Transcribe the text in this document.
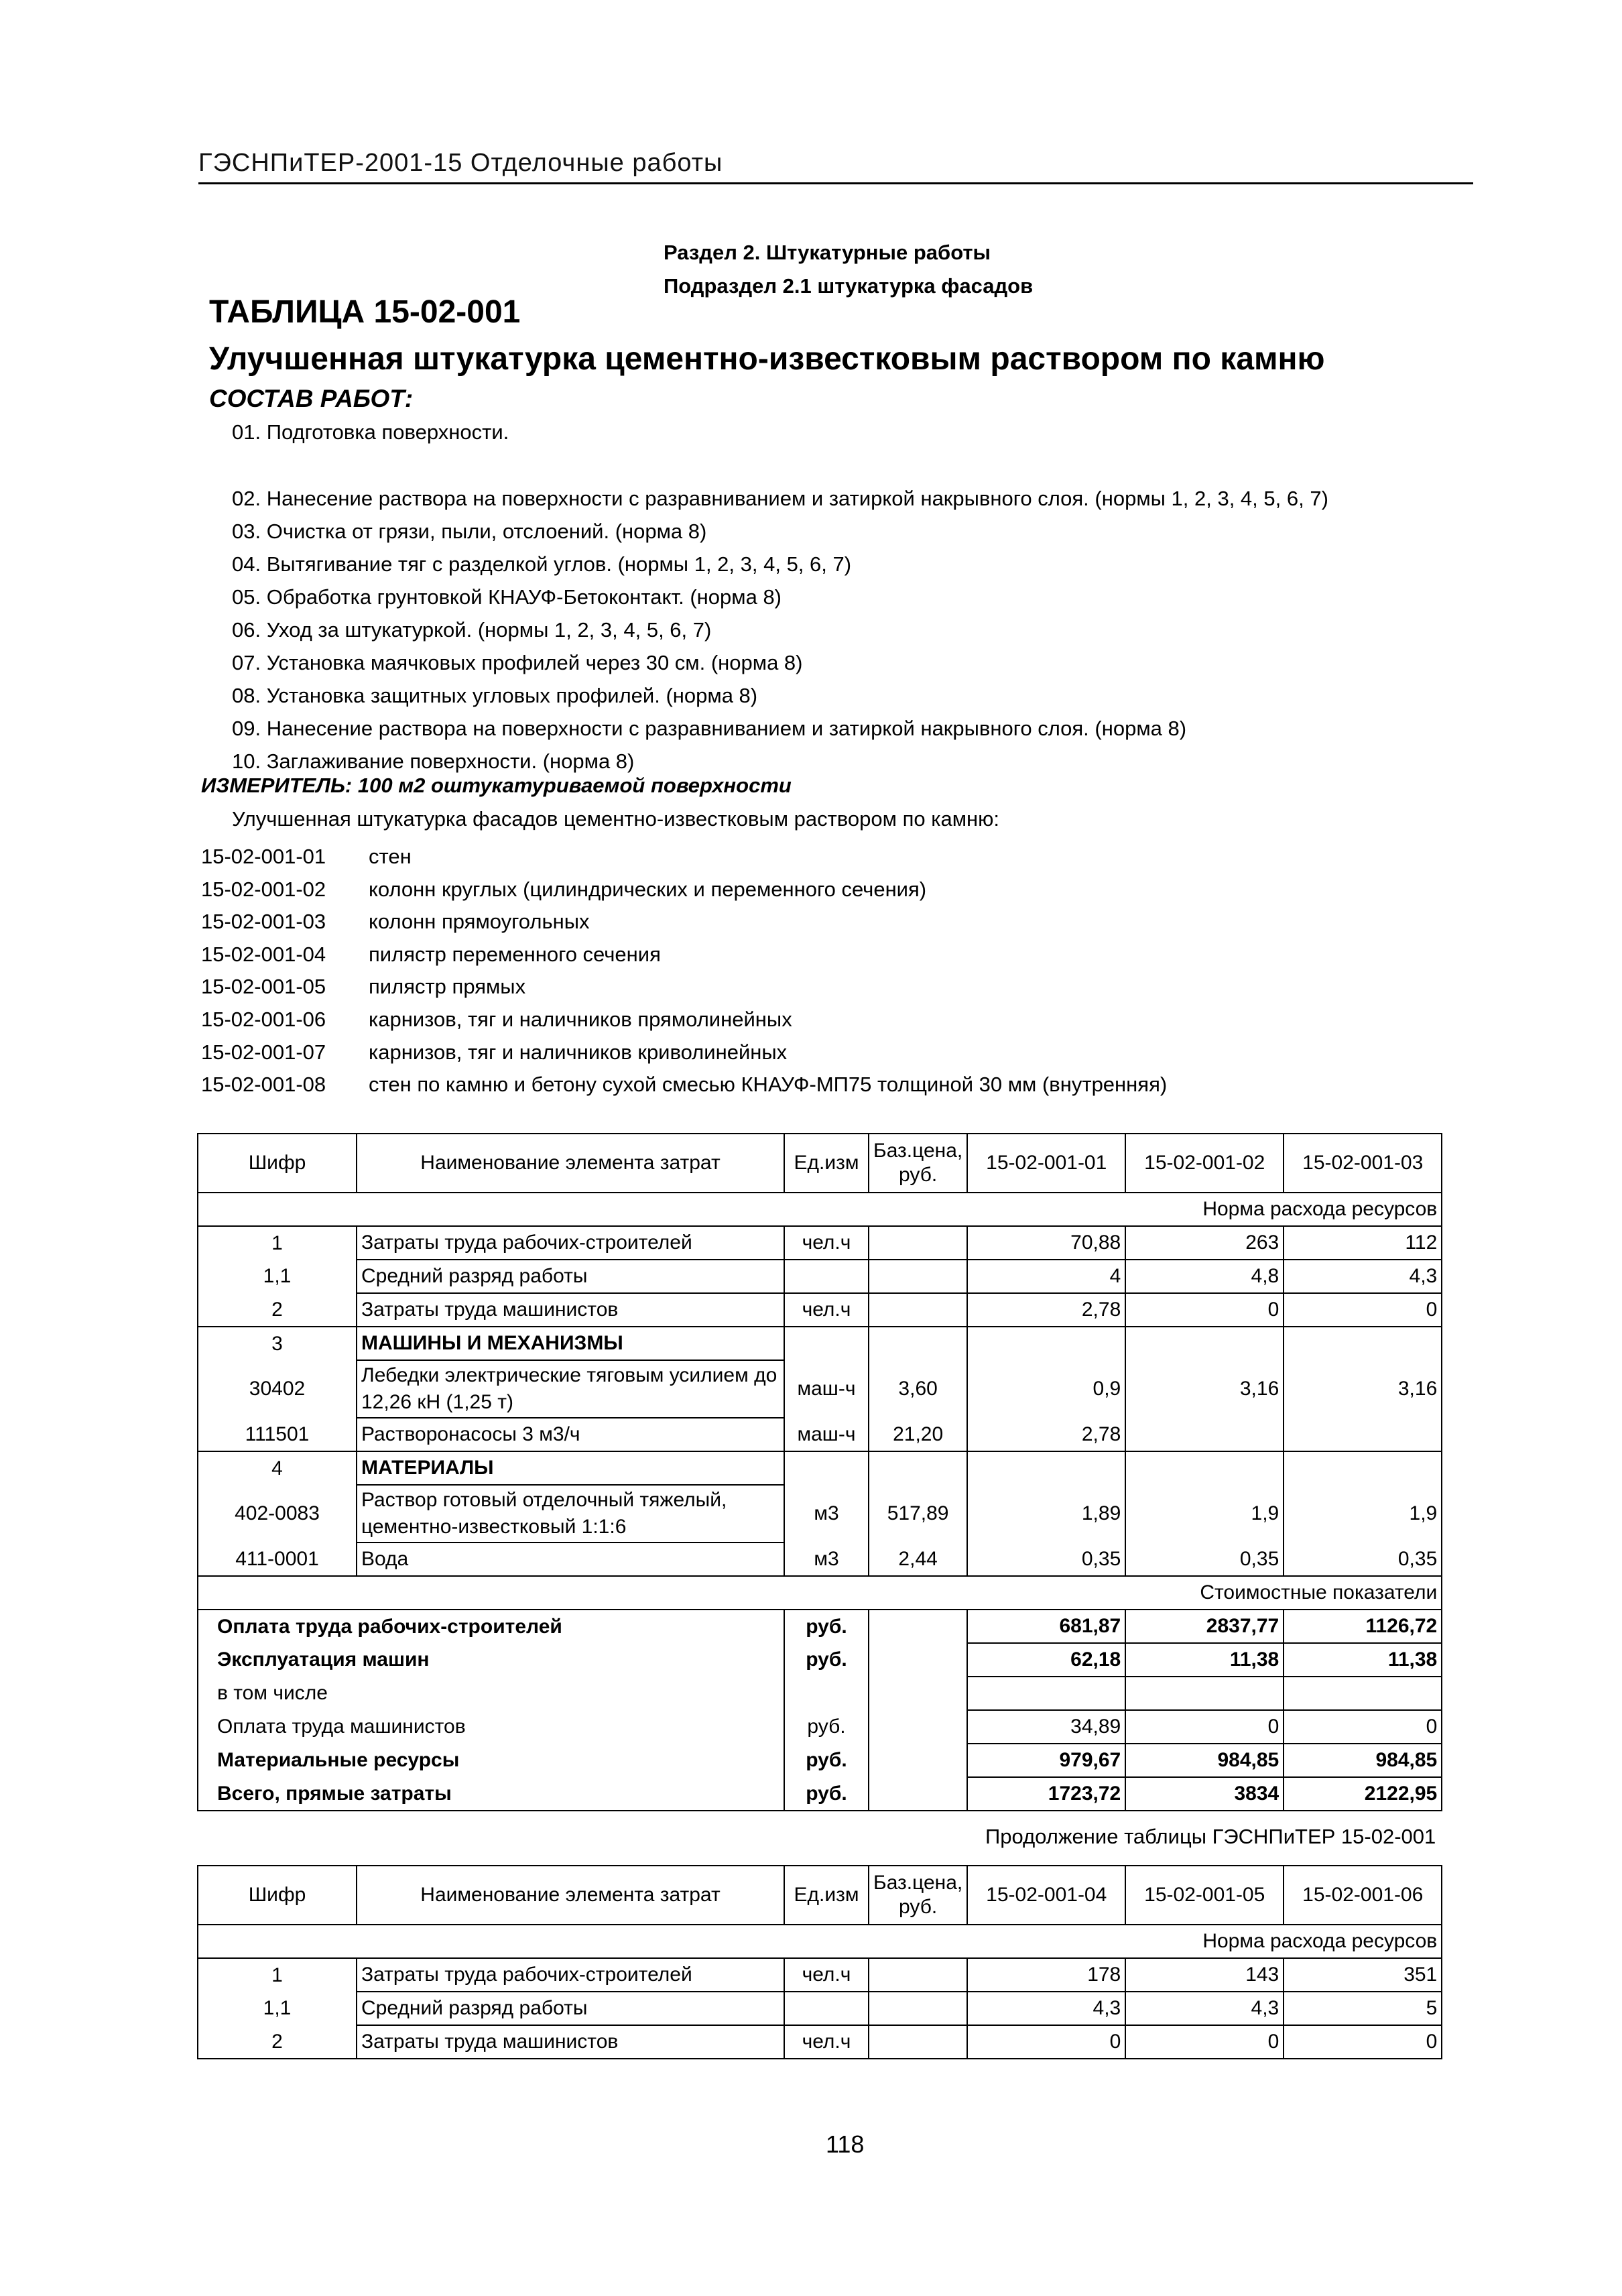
ГЭСНПиТЕР-2001-15 Отделочные работы
Раздел 2. Штукатурные работы
Подраздел 2.1 штукатурка фасадов
ТАБЛИЦА 15-02-001
Улучшенная штукатурка цементно-известковым раствором по камню
СОСТАВ РАБОТ:
01. Подготовка поверхности.
02. Нанесение раствора на поверхности с разравниванием и затиркой накрывного слоя. (нормы 1, 2, 3, 4, 5, 6, 7)
03. Очистка от грязи, пыли, отслоений. (норма 8)
04. Вытягивание тяг с разделкой углов. (нормы 1, 2, 3, 4, 5, 6, 7)
05. Обработка грунтовкой КНАУФ-Бетоконтакт. (норма 8)
06. Уход за штукатуркой. (нормы 1, 2, 3, 4, 5, 6, 7)
07. Установка маячковых профилей через 30 см. (норма 8)
08. Установка защитных угловых профилей. (норма 8)
09. Нанесение раствора на поверхности с разравниванием и затиркой накрывного слоя. (норма 8)
10. Заглаживание поверхности. (норма 8)
ИЗМЕРИТЕЛЬ: 100 м2 оштукатуриваемой поверхности
Улучшенная штукатурка фасадов цементно-известковым раствором по камню:
15-02-001-01 стен
15-02-001-02 колонн круглых (цилиндрических и переменного сечения)
15-02-001-03 колонн прямоугольных
15-02-001-04 пилястр переменного сечения
15-02-001-05 пилястр прямых
15-02-001-06 карнизов, тяг и наличников прямолинейных
15-02-001-07 карнизов, тяг и наличников криволинейных
15-02-001-08 стен по камню и бетону сухой смесью КНАУФ-МП75 толщиной 30 мм (внутренняя)
Шифр	Наименование элемента затрат	Ед.изм	Баз.цена, руб.	15-02-001-01	15-02-001-02	15-02-001-03
Норма расхода ресурсов						
1	Затраты труда рабочих-строителей	чел.ч		70,88	263	112
1,1	Средний разряд работы			4	4,8	4,3
2	Затраты труда машинистов	чел.ч		2,78	0	0
3	МАШИНЫ И МЕХАНИЗМЫ					
30402	Лебедки электрические тяговым усилием до 12,26 кН (1,25 т)	маш-ч	3,60	0,9	3,16	3,16
111501	Растворонасосы 3 м3/ч	маш-ч	21,20	2,78		
4	МАТЕРИАЛЫ					
402-0083	Раствор готовый отделочный тяжелый, цементно-известковый 1:1:6	м3	517,89	1,89	1,9	1,9
411-0001	Вода	м3	2,44	0,35	0,35	0,35
Стоимостные показатели						
Оплата труда рабочих-строителей		руб.		681,87	2837,77	1126,72
Эксплуатация машин		руб.		62,18	11,38	11,38
в том числе						
Оплата труда машинистов		руб.		34,89	0	0
Материальные ресурсы		руб.		979,67	984,85	984,85
Всего, прямые затраты		руб.		1723,72	3834	2122,95
Продолжение таблицы ГЭСНПиТЕР 15-02-001
Шифр	Наименование элемента затрат	Ед.изм	Баз.цена, руб.	15-02-001-04	15-02-001-05	15-02-001-06
Норма расхода ресурсов						
1	Затраты труда рабочих-строителей	чел.ч		178	143	351
1,1	Средний разряд работы			4,3	4,3	5
2	Затраты труда машинистов	чел.ч		0	0	0
118
